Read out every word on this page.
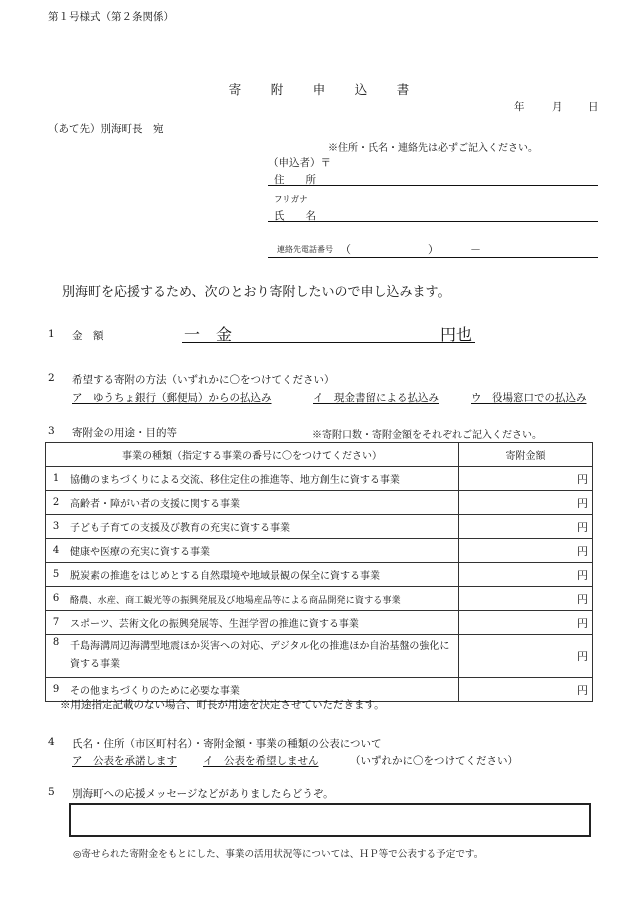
第１号様式（第２条関係）
寄 附 申 込 書
年	月 日
（あて先）別海町長　宛
※住所・氏名・連絡先は必ずご記入ください。
（申込者）〒
住　　所
フリガナ
氏　　名
連絡先電話番号 （	）	－
別海町を応援するため、次のとおり寄附したいので申し込みます。
1 金　額	一　金	円也
2 希望する寄附の方法（いずれかに〇をつけてください）
ア　ゆうちょ銀行（郵便局）からの払込み	イ　現金書留による払込み	ウ　役場窓口での払込み
3 寄附金の用途・目的等	※寄附口数・寄附金額をそれぞれご記入ください。
事業の種類（指定する事業の番号に〇をつけてください）		寄附金額
1	協働のまちづくりによる交流、移住定住の推進等、地方創生に資する事業	円
2	高齢者・障がい者の支援に関する事業	円
3	子ども子育ての支援及び教育の充実に資する事業	円
4	健康や医療の充実に資する事業	円
5	脱炭素の推進をはじめとする自然環境や地域景観の保全に資する事業	円
6	酪農、水産、商工観光等の振興発展及び地場産品等による商品開発に資する事業	円
7	スポーツ、芸術文化の振興発展等、生涯学習の推進に資する事業	円
8	千島海溝周辺海溝型地震ほか災害への対応、デジタル化の推進ほか自治基盤の強化に資する事業	円
9	その他まちづくりのために必要な事業	円
※用途指定記載のない場合、町長が用途を決定させていただきます。
4 氏名・住所（市区町村名）・寄附金額・事業の種類の公表について
ア　公表を承諾します イ　公表を希望しません	（いずれかに〇をつけてください）
5 別海町への応援メッセージなどがありましたらどうぞ。
◎寄せられた寄附金をもとにした、事業の活用状況等については、ＨＰ等で公表する予定です。
